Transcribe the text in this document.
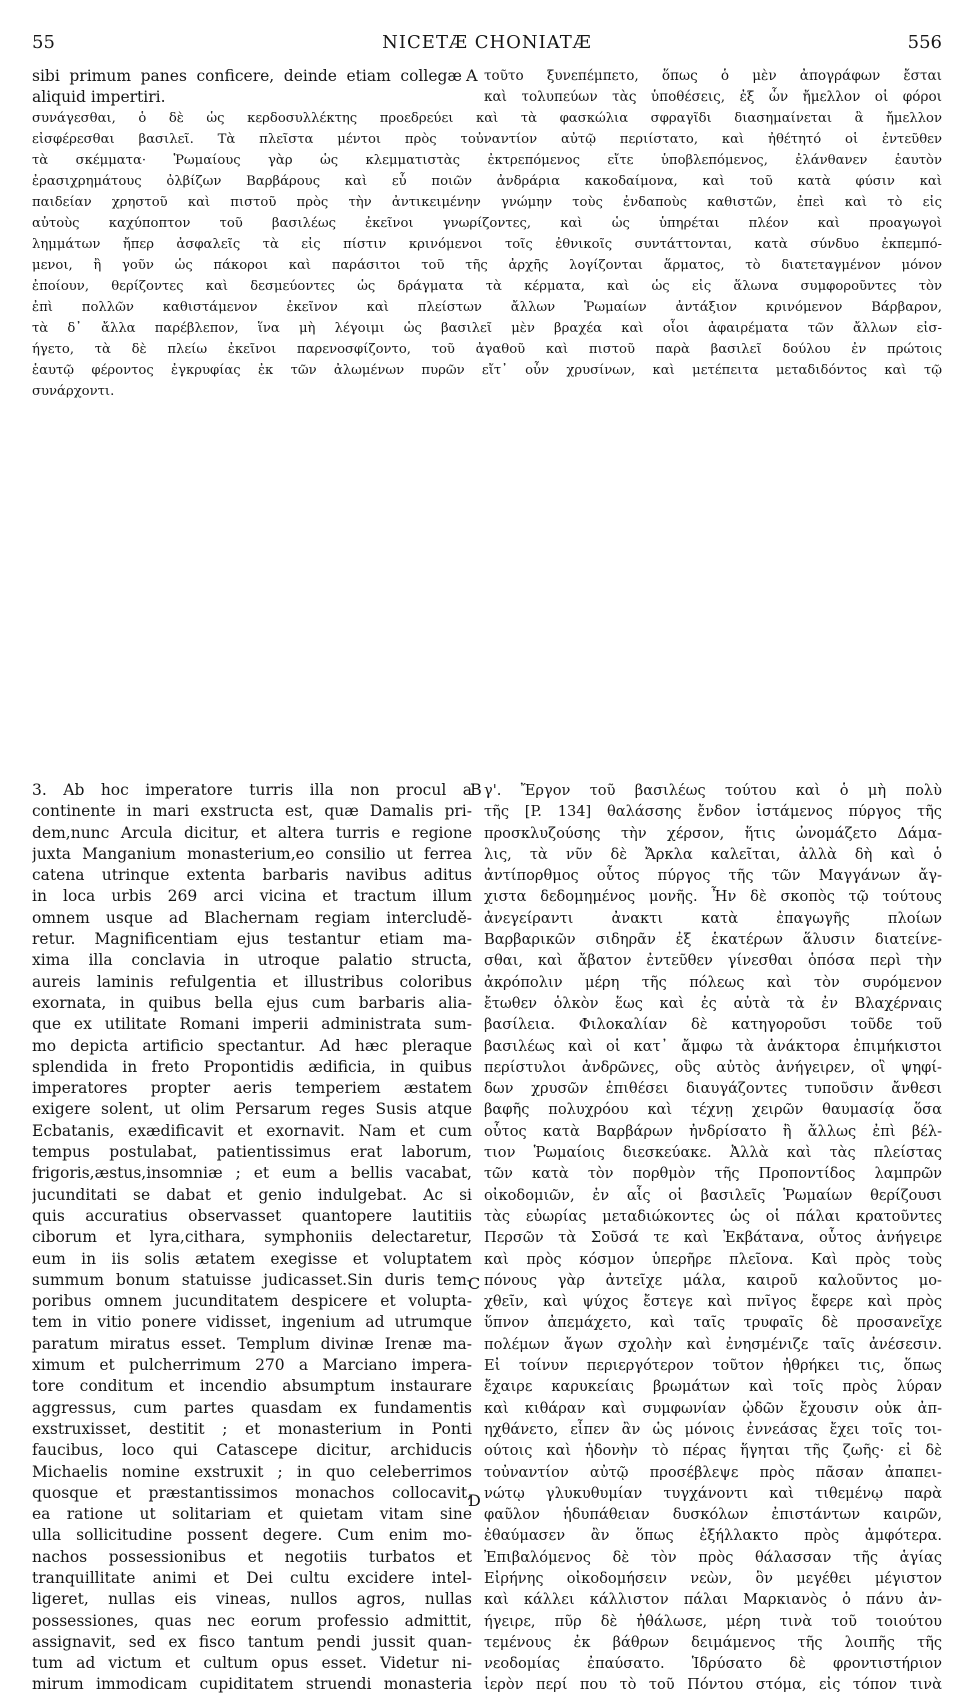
55	NICETÆ CHONIATÆ	556
A
B
C
D
sibi primum panes conficere, deinde etiam collegæ
aliquid impertiri.
τοῦτο ξυνεπέμπετο, ὅπως ὁ μὲν ἀπογράφων ἔσται
καὶ τολυπεύων τὰς ὑποθέσεις, ἐξ ὧν ἤμελλον οἱ φόροι
συνάγεσθαι, ὁ δὲ ὡς κερδοσυλλέκτης προεδρεύει καὶ τὰ φασκώλια σφραγῖδι διασημαίνεται ἃ ἤμελλον
εἰσφέρεσθαι βασιλεῖ. Τὰ πλεῖστα μέντοι πρὸς τοὐναντίον αὐτῷ περιίστατο, καὶ ἠθέτητό οἱ ἐντεῦθεν
τὰ σκέμματα· Ῥωμαίους γὰρ ὡς κλεμματιστὰς ἐκτρεπόμενος εἴτε ὑποβλεπόμενος, ἐλάνθανεν ἑαυτὸν
ἐρασιχρημάτους ὀλβίζων Βαρβάρους καὶ εὖ ποιῶν ἀνδράρια κακοδαίμονα, καὶ τοῦ κατὰ φύσιν καὶ
παιδείαν χρηστοῦ καὶ πιστοῦ πρὸς τὴν ἀντικειμένην γνώμην τοὺς ἐνδαποὺς καθιστῶν, ἐπεὶ καὶ τὸ εἰς
αὐτοὺς καχύποπτον τοῦ βασιλέως ἐκεῖνοι γνωρίζοντες, καὶ ὡς ὑπηρέται πλέον καὶ προαγωγοὶ
λημμάτων ἤπερ ἀσφαλεῖς τὰ εἰς πίστιν κρινόμενοι τοῖς ἐθνικοῖς συντάττονται, κατὰ σύνδυο ἐκπεμπό-
μενοι, ἢ γοῦν ὡς πάκοροι καὶ παράσιτοι τοῦ τῆς ἀρχῆς λογίζονται ἅρματος, τὸ διατεταγμένον μόνον
ἐποίουν, θερίζοντες καὶ δεσμεύοντες ὡς δράγματα τὰ κέρματα, καὶ ὡς εἰς ἅλωνα συμφοροῦντες τὸν
ἐπὶ πολλῶν καθιστάμενον ἐκεῖνον καὶ πλείστων ἄλλων Ῥωμαίων ἀντάξιον κρινόμενον Βάρβαρον,
τὰ δ᾽ ἄλλα παρέβλεπον, ἵνα μὴ λέγοιμι ὡς βασιλεῖ μὲν βραχέα καὶ οἷοι ἀφαιρέματα τῶν ἄλλων εἰσ-
ήγετο, τὰ δὲ πλείω ἐκεῖνοι παρενοσφίζοντο, τοῦ ἀγαθοῦ καὶ πιστοῦ παρὰ βασιλεῖ δούλου ἐν πρώτοις
ἑαυτῷ φέροντος ἐγκρυφίας ἐκ τῶν ἀλωμένων πυρῶν εἴτ᾽ οὖν χρυσίνων, καὶ μετέπειτα μεταδιδόντος καὶ τῷ
συνάρχοντι.
3. Ab hoc imperatore turris illa non procul a
continente in mari exstructa est, quæ Damalis pri-
dem,nunc Arcula dicitur, et altera turris e regione
juxta Manganium monasterium,eo consilio ut ferrea
catena utrinque extenta barbaris navibus aditus
in loca urbis 269 arci vicina et tractum illum
omnem usque ad Blachernam regiam intercludě-
retur. Magnificentiam ejus testantur etiam ma-
xima illa conclavia in utroque palatio structa,
aureis laminis refulgentia et illustribus coloribus
exornata, in quibus bella ejus cum barbaris alia-
que ex utilitate Romani imperii administrata sum-
mo depicta artificio spectantur. Ad hæc pleraque
splendida in freto Propontidis ædificia, in quibus
imperatores propter aeris temperiem æstatem
exigere solent, ut olim Persarum reges Susis atque
Ecbatanis, exædificavit et exornavit. Nam et cum
tempus postulabat, patientissimus erat laborum,
frigoris,æstus,insomniæ ; et eum a bellis vacabat,
jucunditati se dabat et genio indulgebat. Ac si
quis accuratius observasset quantopere lautitiis
ciborum et lyra,cithara, symphoniis delectaretur,
eum in iis solis ætatem exegisse et voluptatem
summum bonum statuisse judicasset.Sin duris tem-
poribus omnem jucunditatem despicere et volupta-
tem in vitio ponere vidisset, ingenium ad utrumque
paratum miratus esset. Templum divinæ Irenæ ma-
ximum et pulcherrimum 270 a Marciano impera-
tore conditum et incendio absumptum instaurare
aggressus, cum partes quasdam ex fundamentis
exstruxisset, destitit ; et monasterium in Ponti
faucibus, loco qui Catascepe dicitur, archiducis
Michaelis nomine exstruxit ; in quo celeberrimos
quosque et præstantissimos monachos collocavit,
ea ratione ut solitariam et quietam vitam sine
ulla sollicitudine possent degere. Cum enim mo-
nachos possessionibus et negotiis turbatos et
tranquillitate animi et Dei cultu excidere intel-
ligeret, nullas eis vineas, nullos agros, nullas
possessiones, quas nec eorum professio admittit,
assignavit, sed ex fisco tantum pendi jussit quan-
tum ad victum et cultum opus esset. Videtur ni-
mirum immodicam cupiditatem struendi monasteria
γ'. Ἔργον τοῦ βασιλέως τούτου καὶ ὁ μὴ πολὺ
τῆς [P. 134] θαλάσσης ἔνδον ἱστάμενος πύργος τῆς
προσκλυζούσης τὴν χέρσον, ἥτις ὠνομάζετο Δάμα-
λις, τὰ νῦν δὲ Ἄρκλα καλεῖται, ἀλλὰ δὴ καὶ ὁ
ἀντίπορθμος οὗτος πύργος τῆς τῶν Μαγγάνων ἄγ-
χιστα δεδομημένος μονῆς. Ἦν δὲ σκοπὸς τῷ τούτους
ἀνεγείραντι ἀνακτι κατὰ ἐπαγωγῆς πλοίων
Βαρβαρικῶν σιδηρᾶν ἐξ ἑκατέρων ἅλυσιν διατείνε-
σθαι, καὶ ἄβατον ἐντεῦθεν γίνεσθαι ὁπόσα περὶ τὴν
ἀκρόπολιν μέρη τῆς πόλεως καὶ τὸν συρόμενον
ἔτωθεν ὁλκὸν ἕως καὶ ἐς αὐτὰ τὰ ἐν Βλαχέρναις
βασίλεια. Φιλοκαλίαν δὲ κατηγοροῦσι τοῦδε τοῦ
βασιλέως καὶ οἱ κατ᾽ ἄμφω τὰ ἀνάκτορα ἐπιμήκιστοι
περίστυλοι ἀνδρῶνες, οὓς αὐτὸς ἀνήγειρεν, οἳ ψηφί-
δων χρυσῶν ἐπιθέσει διαυγάζοντες τυποῦσιν ἄνθεσι
βαφῆς πολυχρόου καὶ τέχνῃ χειρῶν θαυμασίᾳ ὅσα
οὗτος κατὰ Βαρβάρων ἠνδρίσατο ἢ ἄλλως ἐπὶ βέλ-
τιον Ῥωμαίοις διεσκεύακε. Ἀλλὰ καὶ τὰς πλείστας
τῶν κατὰ τὸν πορθμὸν τῆς Προποντίδος λαμπρῶν
οἰκοδομιῶν, ἐν αἷς οἱ βασιλεῖς Ῥωμαίων θερίζουσι
τὰς εὐωρίας μεταδιώκοντες ὡς οἱ πάλαι κρατοῦντες
Περσῶν τὰ Σοῦσά τε καὶ Ἐκβάτανα, οὗτος ἀνήγειρε
καὶ πρὸς κόσμον ὑπερῆρε πλεῖονα. Καὶ πρὸς τοὺς
πόνους γὰρ ἀντεῖχε μάλα, καιροῦ καλοῦντος μο-
χθεῖν, καὶ ψύχος ἔστεγε καὶ πνῖγος ἔφερε καὶ πρὸς
ὕπνον ἀπεμάχετο, καὶ ταῖς τρυφαῖς δὲ προσανεῖχε
πολέμων ἄγων σχολὴν καὶ ἐνησμένιζε ταῖς ἀνέσεσιν.
Εἰ τοίνυν περιεργότερον τοῦτον ἠθρήκει τις, ὅπως
ἔχαιρε καρυκείαις βρωμάτων καὶ τοῖς πρὸς λύραν
καὶ κιθάραν καὶ συμφωνίαν ᾠδῶν ἔχουσιν οὐκ ἀπ-
ηχθάνετο, εἶπεν ἂν ὡς μόνοις ἐννεάσας ἔχει τοῖς τοι-
ούτοις καὶ ἡδονὴν τὸ πέρας ἥγηται τῆς ζωῆς· εἰ δὲ
τοὐναντίον αὐτῷ προσέβλεψε πρὸς πᾶσαν ἀπαπει-
νώτῳ γλυκυθυμίαν τυγχάνοντι καὶ τιθεμένῳ παρὰ
φαῦλον ἡδυπάθειαν δυσκόλων ἐπιστάντων καιρῶν,
ἐθαύμασεν ἂν ὅπως ἐξήλλακτο πρὸς ἀμφότερα.
Ἐπιβαλόμενος δὲ τὸν πρὸς θάλασσαν τῆς ἁγίας
Εἰρήνης οἰκοδομήσειν νεὼν, ὃν μεγέθει μέγιστον
καὶ κάλλει κάλλιστον πάλαι Μαρκιανὸς ὁ πάνυ ἀν-
ήγειρε, πῦρ δὲ ἠθάλωσε, μέρη τινὰ τοῦ τοιούτου
τεμένους ἐκ βάθρων δειμάμενος τῆς λοιπῆς τῆς
νεοδομίας ἐπαύσατο. Ἱδρύσατο δὲ φροντιστήριον
ἱερὸν περί που τὸ τοῦ Πόντου στόμα, εἰς τόπον τινὰ
